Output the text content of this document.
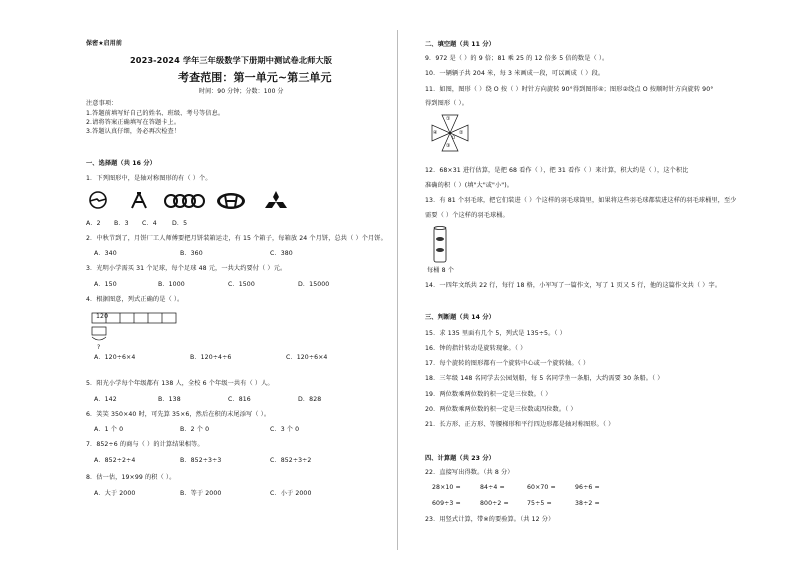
保密★启用前
2023-2024 学年三年级数学下册期中测试卷北师大版
考查范围：第一单元~第三单元
时间：90 分钟；分数：100 分
注意事项：
1.答题前填写好自己的姓名、班级、考号等信息。
2.请将答案正确填写在答题卡上。
3.答题认真仔细，务必再次检查！
一、选择题（共 16 分）
1．下列图形中，是轴对称图形的有（ ）个。
A．2 B．3 C．4 D．5
2．中秋节到了，月饼厂工人师傅要把月饼装箱运走，有 15 个箱子，每箱放 24 个月饼，总共（ ）个月饼。
A．340	B．360	C．380
3．光明小学需买 31 个足球，每个足球 48 元，一共大约要付（ ）元。
A．150	B．1000	C．1500	D．15000
4．根据图意，列式正确的是（ ）。
120
?
A．120÷6×4	B．120÷4÷6	C．120÷6×4
5．阳光小学每个年级都有 138 人，全校 6 个年级一共有（ ）人。
A．142	B．138	C．816	D．828
6．笑笑 350×40 时，可先算 35×6，然后在积的末尾添写（ ）。
A．1 个 0	B．2 个 0	C．3 个 0
7．852÷6 的商与（ ）的计算结果相等。
A．852÷2÷4	B．852÷3÷3	C．852÷3÷2
8．估一估，19×99 的积（ ）。
A．大于 2000	B．等于 2000	C．小于 2000
二、填空题（共 11 分）
9．972 是（ ）的 9 倍；81 乘 25 的 12 倍多 5 倍的数是（ ）。
10．一辆辆子共 204 米，每 3 米画成一段，可以画成（ ）段。
11．如图，图形（ ）绕 O 按（ ）时针方向旋转 90°得到图形④；图形②绕点 O 按顺时针方向旋转 90°
得到图形（ ）。
①
②
③
④
O
12．68×31 进行估算，是把 68 看作（ ），把 31 看作（ ）来计算，积大约是（ ），这个积比
准确的积（ ）(填"大"或"小")。
13．有 81 个羽毛球，把它们装进（ ）个这样的羽毛球筒里，如果将这些羽毛球都装进这样的羽毛球桶里，至少
需要（ ）个这样的羽毛球桶。
每桶 8 个
14．一四年文纸共 22 行，每行 18 格，小军写了一篇作文，写了 1 页又 5 行，他的这篇作文共（ ）字。
三、判断题（共 14 分）
15．求 135 里面有几个 5，列式是 135÷5。（ ）
16．钟的指针转动是旋转现象。（ ）
17．每个旋转的图形都有一个旋转中心或一个旋转轴。（ ）
18．三年级 148 名同学去公园划船，每 5 名同学坐一条船，大约需要 30 条船。（ ）
19．两位数乘两位数的积一定是三位数。（ ）
20．两位数乘两位数的积一定是三位数或四位数。（ ）
21．长方形、正方形、等腰梯形和平行四边形都是轴对称图形。（ ）
四、计算题（共 23 分）
22．直接写出得数。（共 8 分）
28×10 =	84÷4 =	60×70 =	96÷6 =
609÷3 =	800÷2 =	75÷5 =	38÷2 =
23．用竖式计算，带※的要验算。（共 12 分）
